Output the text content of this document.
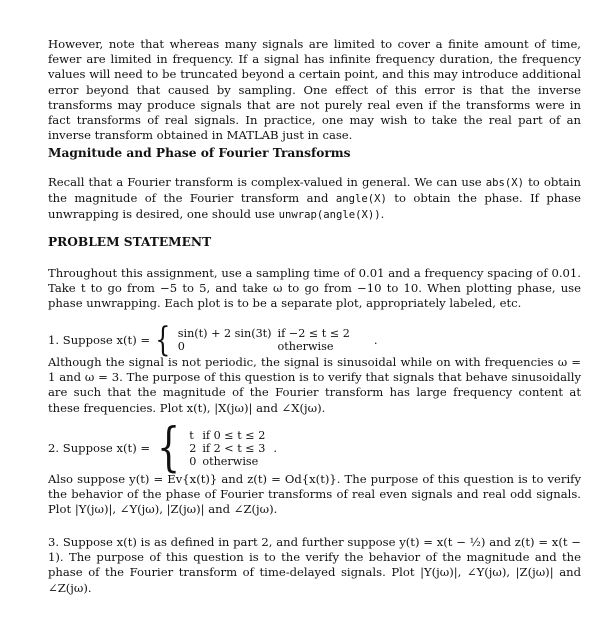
However, note that whereas many signals are limited to cover a finite amount of time, fewer are limited in frequency. If a signal has infinite frequency duration, the frequency values will need to be truncated beyond a certain point, and this may introduce additional error beyond that caused by sampling. One effect of this error is that the inverse transforms may produce signals that are not purely real even if the transforms were in fact transforms of real signals. In practice, one may wish to take the real part of an inverse transform obtained in MATLAB just in case.

Magnitude and Phase of Fourier Transforms

Recall that a Fourier transform is complex-valued in general. We can use abs(X) to obtain the magnitude of the Fourier transform and angle(X) to obtain the phase. If phase unwrapping is desired, one should use unwrap(angle(X)).

PROBLEM STATEMENT

Throughout this assignment, use a sampling time of 0.01 and a frequency spacing of 0.01. Take t to go from −5 to 5, and take ω to go from −10 to 10. When plotting phase, use phase unwrapping. Each plot is to be a separate plot, appropriately labeled, etc.

1. Suppose x(t) = { sin(t) + 2 sin(3t)	if −2 ≤ t ≤ 2
0	otherwise	.

Although the signal is not periodic, the signal is sinusoidal while on with frequencies ω = 1 and ω = 3. The purpose of this question is to verify that signals that behave sinusoidally are such that the magnitude of the Fourier transform has large frequency content at these frequencies. Plot x(t), |X(jω)| and ∠X(jω).

2. Suppose x(t) = { t	if 0 ≤ t ≤ 2
2	if 2 < t ≤ 3
0	otherwise
.

Also suppose y(t) = Ev{x(t)} and z(t) = Od{x(t)}. The purpose of this question is to verify the behavior of the phase of Fourier transforms of real even signals and real odd signals. Plot |Y(jω)|, ∠Y(jω), |Z(jω)| and ∠Z(jω).

3. Suppose x(t) is as defined in part 2, and further suppose y(t) = x(t − ½) and z(t) = x(t − 1). The purpose of this question is to the verify the behavior of the magnitude and the phase of the Fourier transform of time-delayed signals. Plot |Y(jω)|, ∠Y(jω), |Z(jω)| and ∠Z(jω).
